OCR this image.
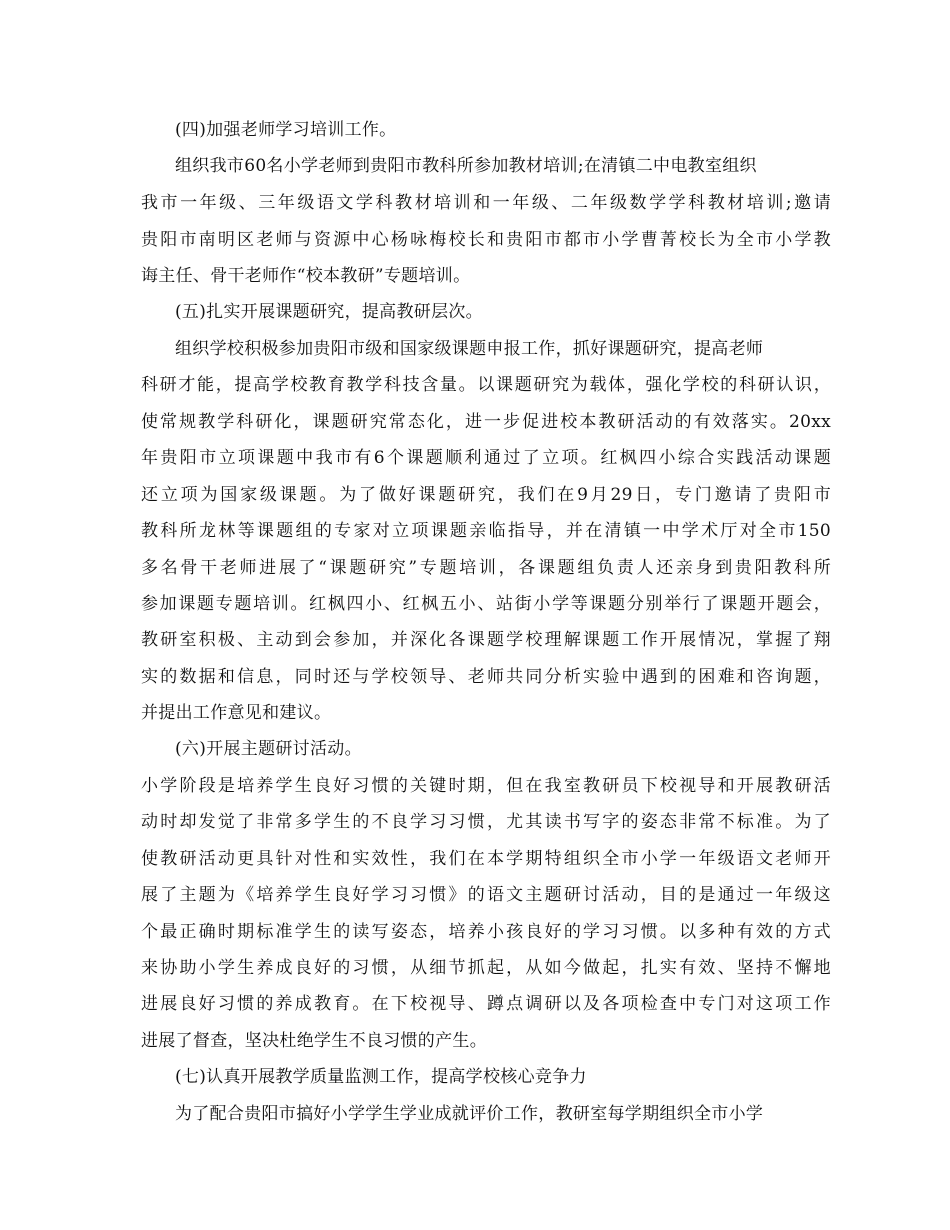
(四)加强老师学习培训工作。
组织我市60名小学老师到贵阳市教科所参加教材培训;在清镇二中电教室组织
我市一年级、三年级语文学科教材培训和一年级、二年级数学学科教材培训;邀请
贵阳市南明区老师与资源中心杨咏梅校长和贵阳市都市小学曹菁校长为全市小学教
诲主任、骨干老师作“校本教研”专题培训。
(五)扎实开展课题研究，提高教研层次。
组织学校积极参加贵阳市级和国家级课题申报工作，抓好课题研究，提高老师
科研才能，提高学校教育教学科技含量。以课题研究为载体，强化学校的科研认识，
使常规教学科研化，课题研究常态化，进一步促进校本教研活动的有效落实。20xx
年贵阳市立项课题中我市有6个课题顺利通过了立项。红枫四小综合实践活动课题
还立项为国家级课题。为了做好课题研究，我们在9月29日，专门邀请了贵阳市
教科所龙林等课题组的专家对立项课题亲临指导，并在清镇一中学术厅对全市150
多名骨干老师进展了“课题研究”专题培训，各课题组负责人还亲身到贵阳教科所
参加课题专题培训。红枫四小、红枫五小、站街小学等课题分别举行了课题开题会，
教研室积极、主动到会参加，并深化各课题学校理解课题工作开展情况，掌握了翔
实的数据和信息，同时还与学校领导、老师共同分析实验中遇到的困难和咨询题，
并提出工作意见和建议。
(六)开展主题研讨活动。
小学阶段是培养学生良好习惯的关键时期，但在我室教研员下校视导和开展教研活
动时却发觉了非常多学生的不良学习习惯，尤其读书写字的姿态非常不标准。为了
使教研活动更具针对性和实效性，我们在本学期特组织全市小学一年级语文老师开
展了主题为《培养学生良好学习习惯》的语文主题研讨活动，目的是通过一年级这
个最正确时期标准学生的读写姿态，培养小孩良好的学习习惯。以多种有效的方式
来协助小学生养成良好的习惯，从细节抓起，从如今做起，扎实有效、坚持不懈地
进展良好习惯的养成教育。在下校视导、蹲点调研以及各项检查中专门对这项工作
进展了督查，坚决杜绝学生不良习惯的产生。
(七)认真开展教学质量监测工作，提高学校核心竞争力
为了配合贵阳市搞好小学学生学业成就评价工作，教研室每学期组织全市小学
